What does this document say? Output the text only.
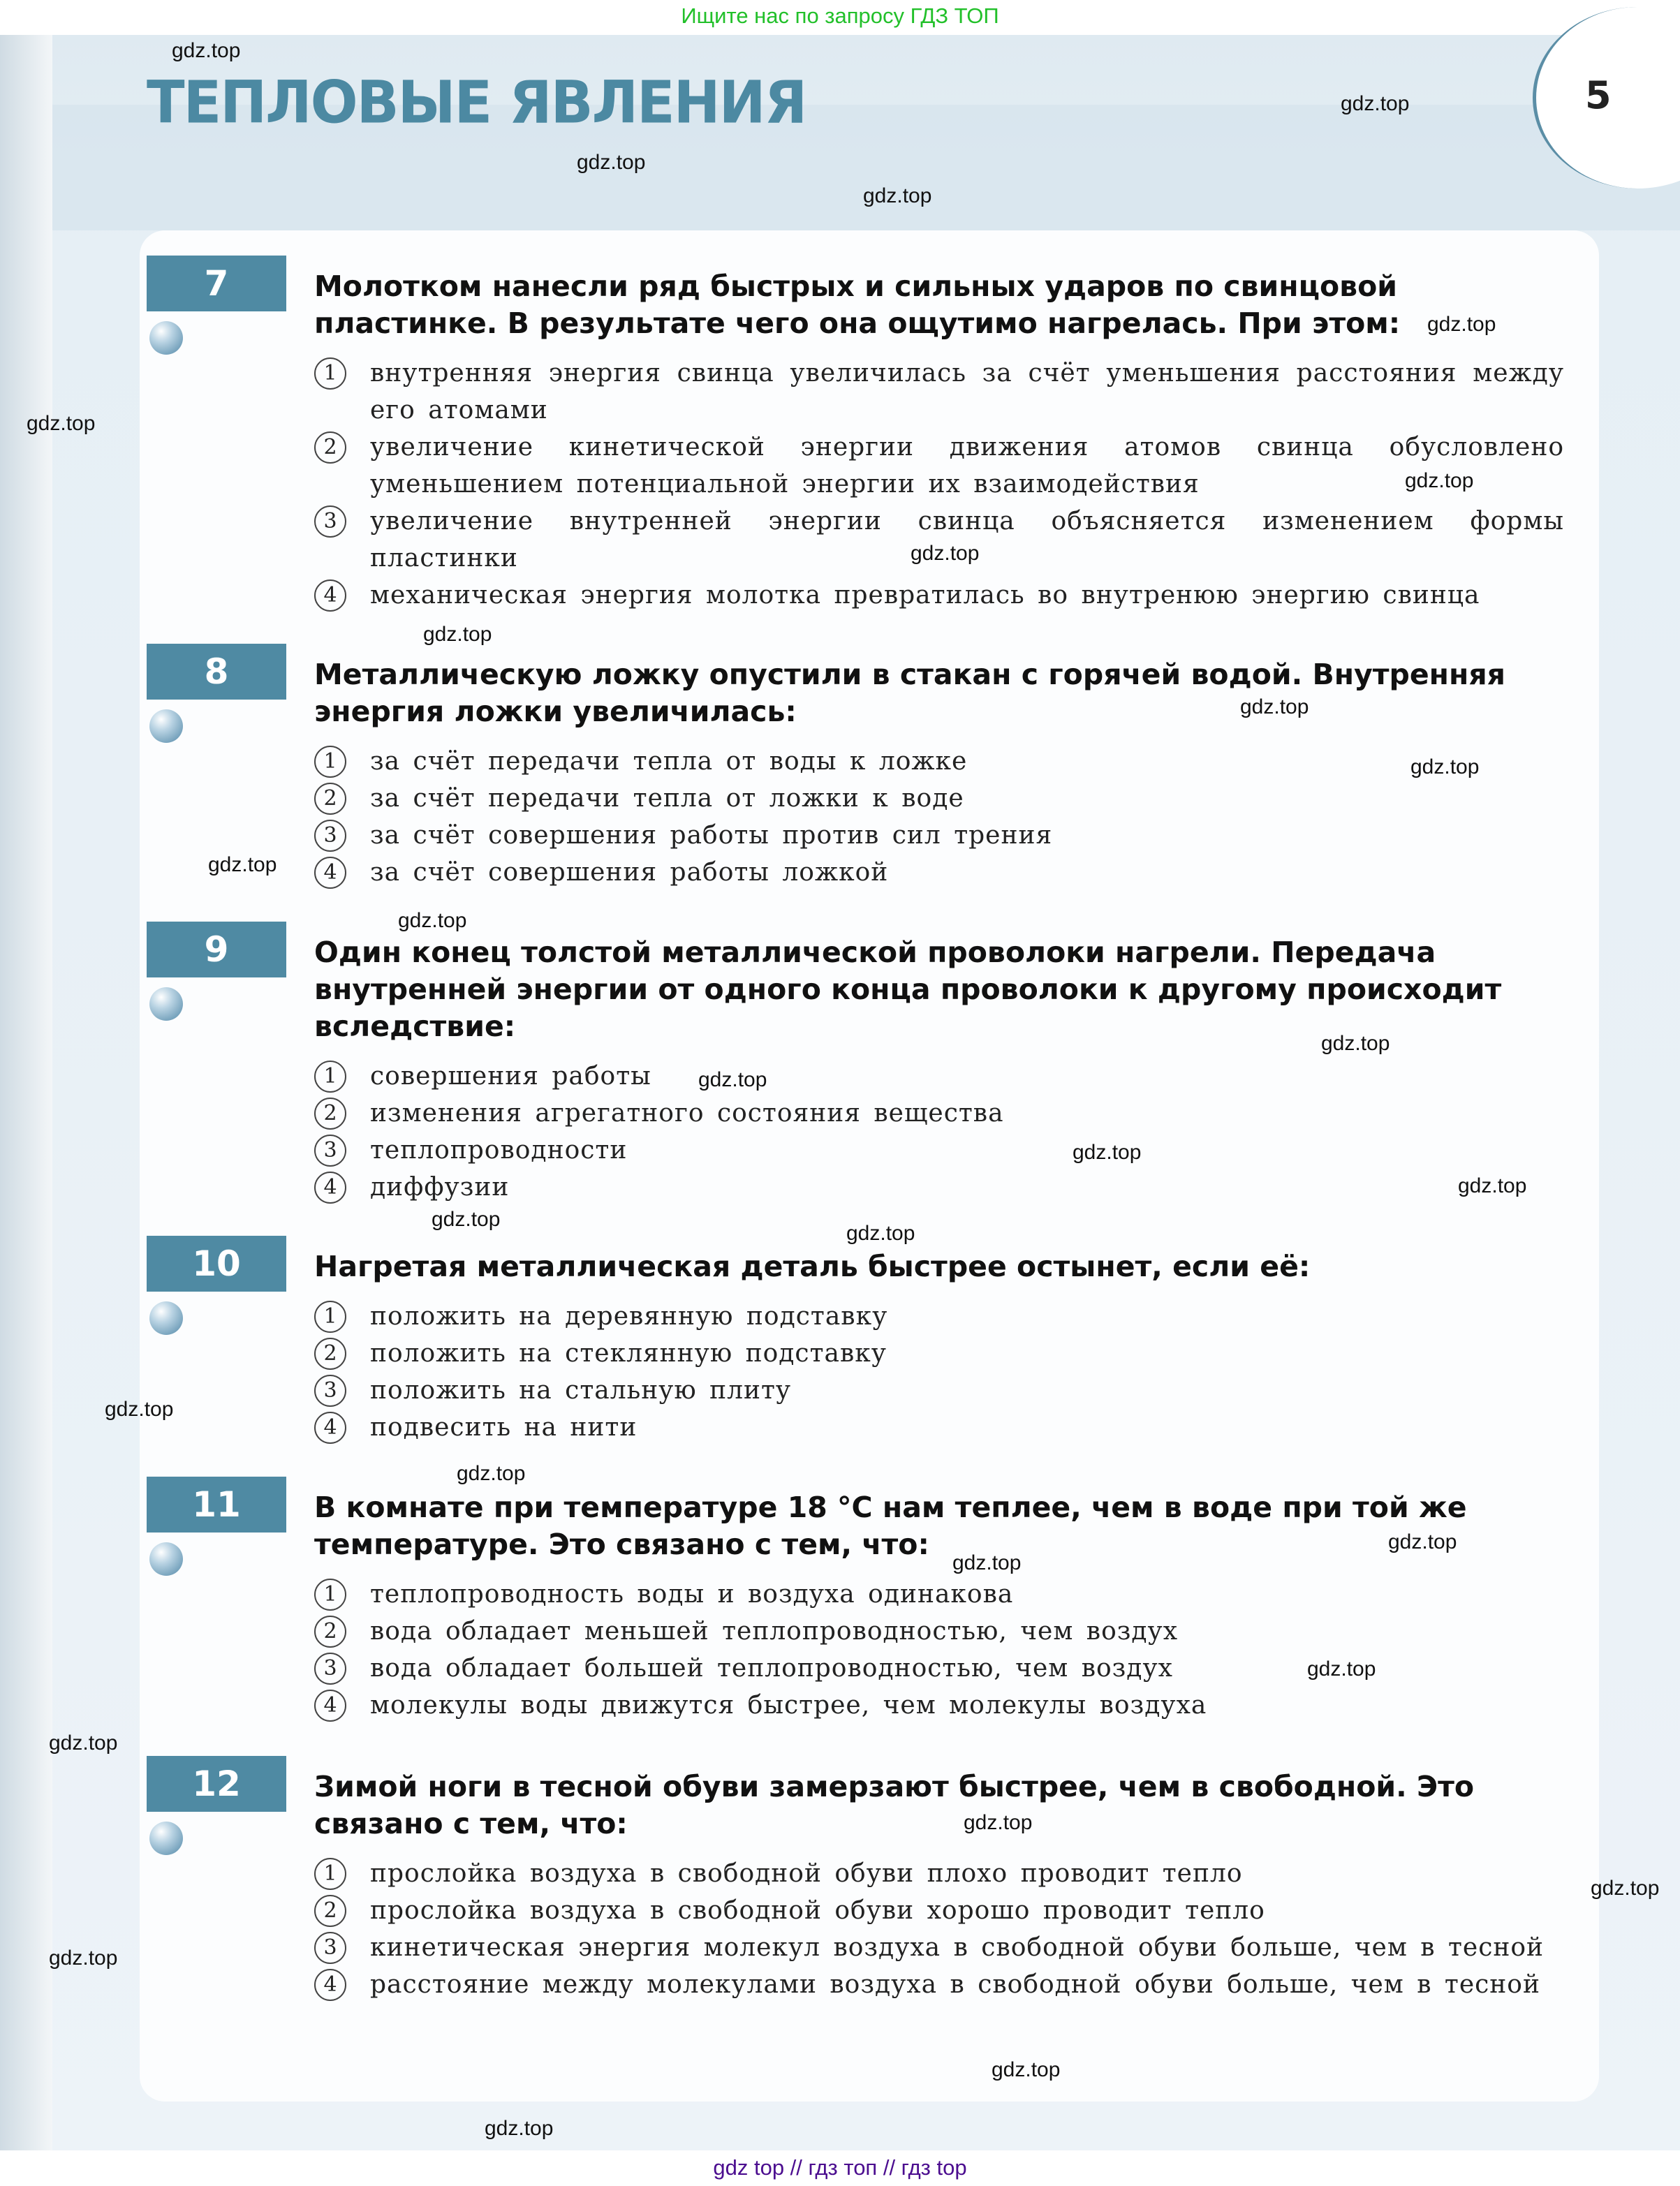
Ищите нас по запросу ГДЗ ТОП
ТЕПЛОВЫЕ ЯВЛЕНИЯ	5
7	Молотком нанесли ряд быстрых и сильных ударов по свинцовой пластинке. В результате чего она ощутимо нагрелась. При этом:
1	внутренняя энергия свинца увеличилась за счёт уменьшения расстояния между его атомами
2	увеличение кинетической энергии движения атомов свинца обусловлено уменьшением потенциальной энергии их взаимодействия
3	увеличение внутренней энергии свинца объясняется изменением формы пластинки
4	механическая энергия молотка превратилась во внутренюю энергию свинца
8	Металлическую ложку опустили в стакан с горячей водой. Внутренняя энергия ложки увеличилась:
1	за счёт передачи тепла от воды к ложке
2	за счёт передачи тепла от ложки к воде
3	за счёт совершения работы против сил трения
4	за счёт совершения работы ложкой
9	Один конец толстой металлической проволоки нагрели. Передача внутренней энергии от одного конца проволоки к другому происходит вследствие:
1	совершения работы
2	изменения агрегатного состояния вещества
3	теплопроводности
4	диффузии
10	Нагретая металлическая деталь быстрее остынет, если её:
1	положить на деревянную подставку
2	положить на стеклянную подставку
3	положить на стальную плиту
4	подвесить на нити
11	В комнате при температуре 18 °С нам теплее, чем в воде при той же температуре. Это связано с тем, что:
1	теплопроводность воды и воздуха одинакова
2	вода обладает меньшей теплопроводностью, чем воздух
3	вода обладает большей теплопроводностью, чем воздух
4	молекулы воды движутся быстрее, чем молекулы воздуха
12	Зимой ноги в тесной обуви замерзают быстрее, чем в свободной. Это связано с тем, что:
1	прослойка воздуха в свободной обуви плохо проводит тепло
2	прослойка воздуха в свободной обуви хорошо проводит тепло
3	кинетическая энергия молекул воздуха в свободной обуви больше, чем в тесной
4	расстояние между молекулами воздуха в свободной обуви больше, чем в тесной
gdz.top
gdz.top
gdz.top
gdz.top
gdz.top
gdz.top
gdz.top
gdz.top
gdz.top
gdz.top
gdz.top
gdz.top
gdz.top
gdz.top
gdz.top
gdz.top
gdz.top
gdz.top
gdz.top
gdz.top
gdz.top
gdz.top
gdz.top
gdz.top
gdz.top
gdz.top
gdz.top
gdz.top
gdz.top
gdz.top
gdz top // гдз топ // гдз top
